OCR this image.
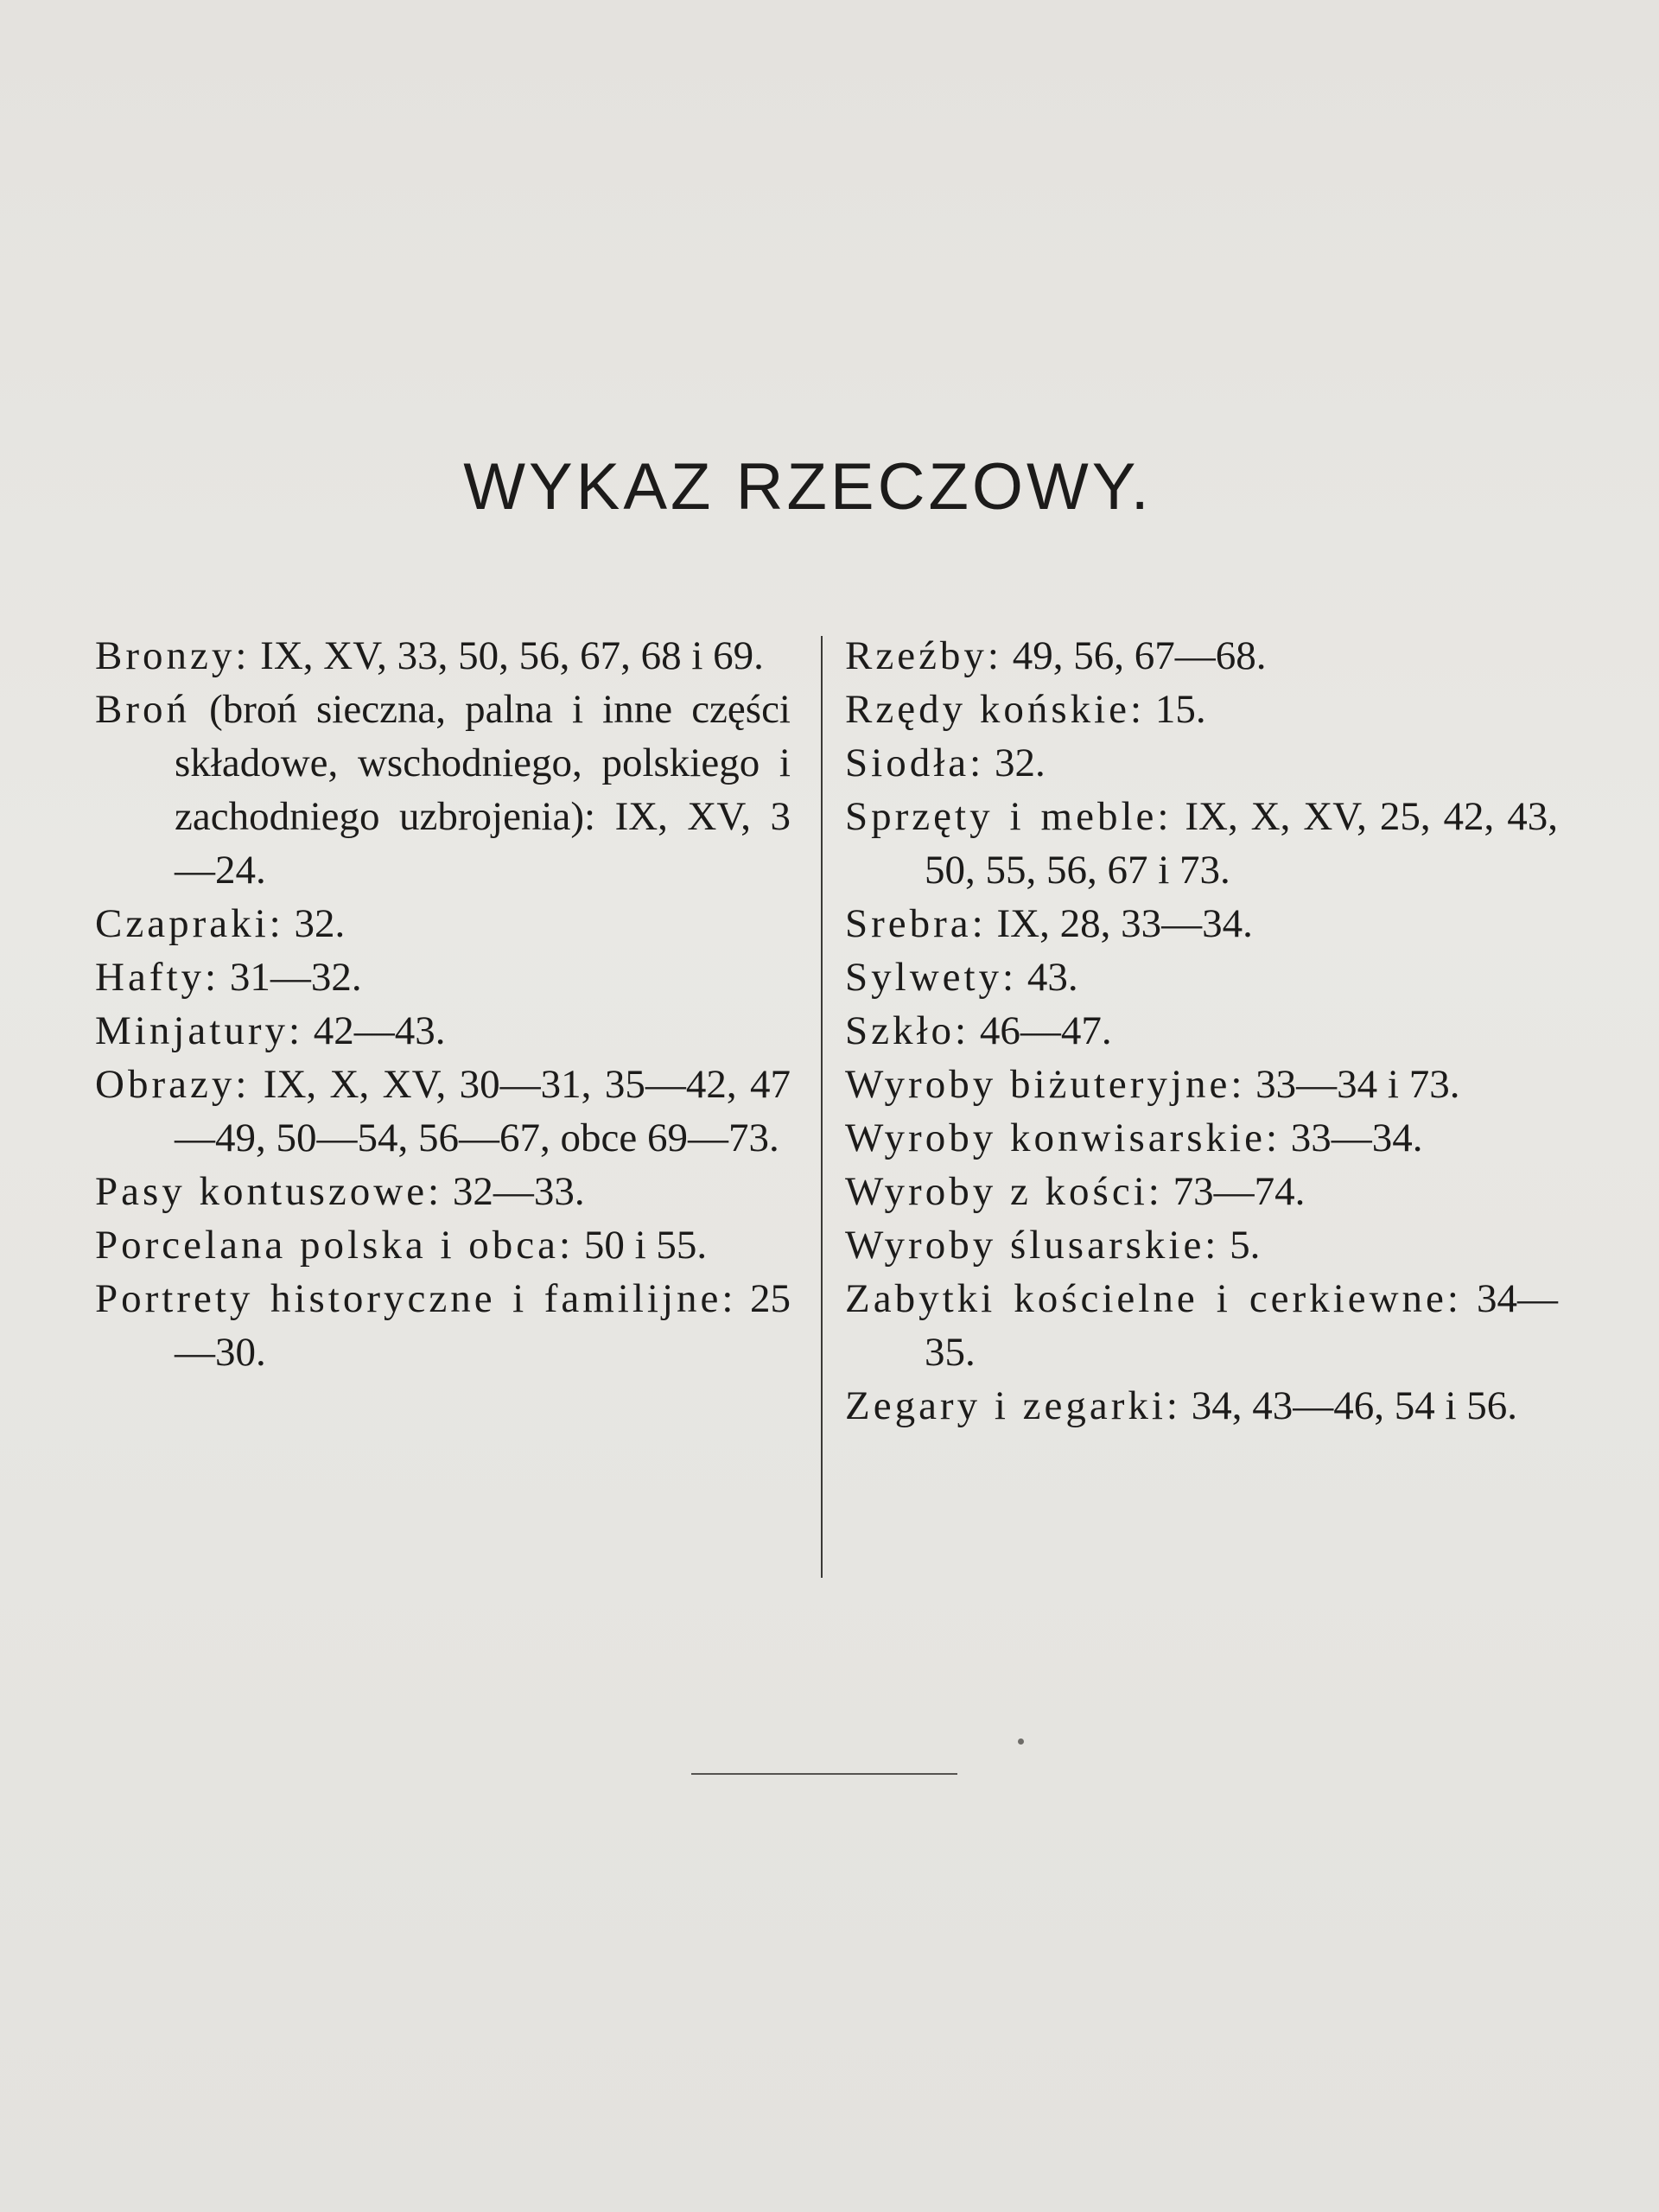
WYKAZ RZECZOWY.

Bronzy: IX, XV, 33, 50, 56, 67, 68 i 69.

Broń (broń sieczna, palna i inne części składowe, wschodniego, polskiego i zachodniego uzbrojenia): IX, XV, 3—24.

Czapraki: 32.

Hafty: 31—32.

Minjatury: 42—43.

Obrazy: IX, X, XV, 30—31, 35—42, 47—49, 50—54, 56—67, obce 69—73.

Pasy kontuszowe: 32—33.

Porcelana polska i obca: 50 i 55.

Portrety historyczne i familijne: 25—30.

Rzeźby: 49, 56, 67—68.

Rzędy końskie: 15.

Siodła: 32.

Sprzęty i meble: IX, X, XV, 25, 42, 43, 50, 55, 56, 67 i 73.

Srebra: IX, 28, 33—34.

Sylwety: 43.

Szkło: 46—47.

Wyroby biżuteryjne: 33—34 i 73.

Wyroby konwisarskie: 33—34.

Wyroby z kości: 73—74.

Wyroby ślusarskie: 5.

Zabytki kościelne i cerkiewne: 34—35.

Zegary i zegarki: 34, 43—46, 54 i 56.
